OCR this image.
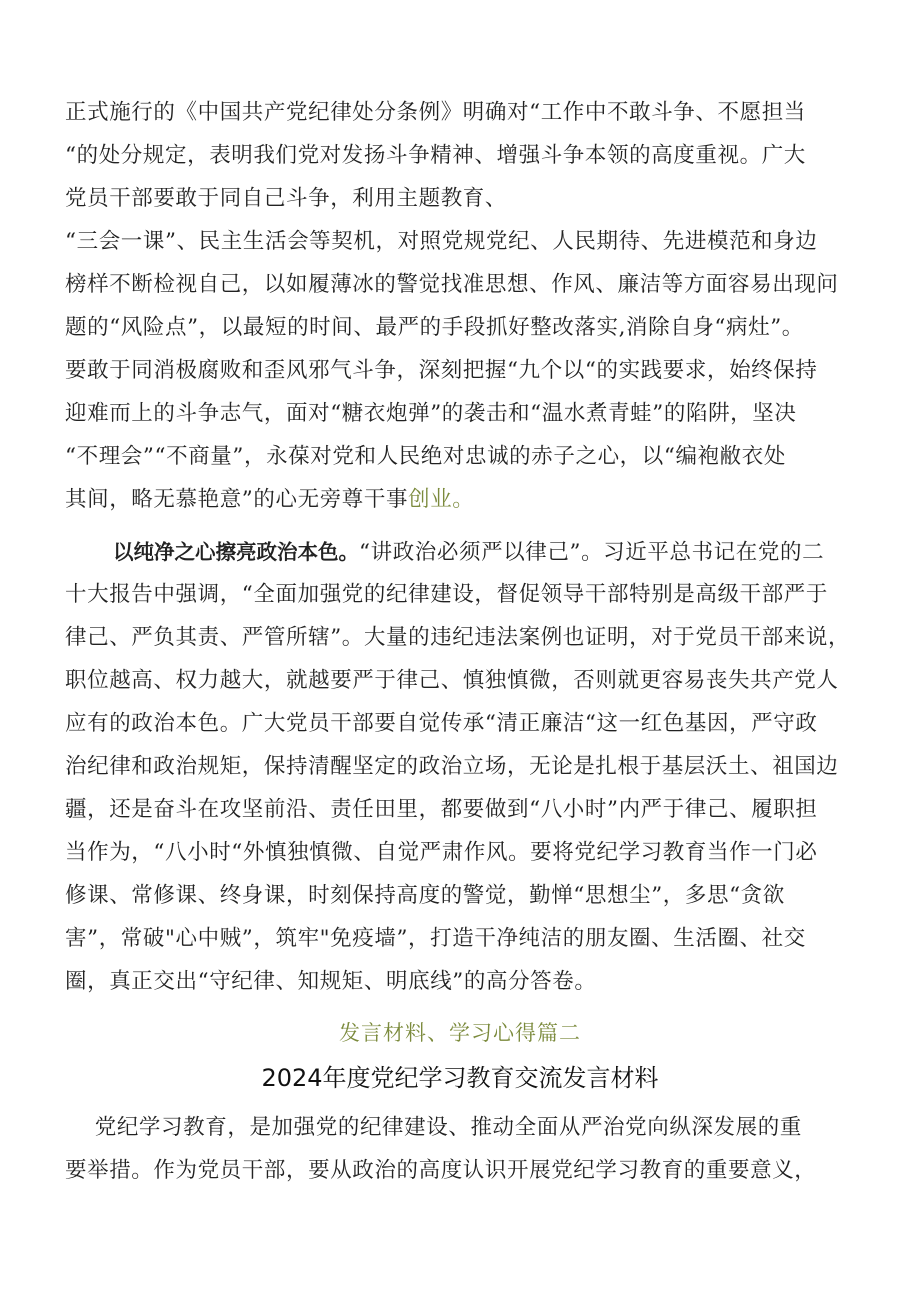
正式施行的《中国共产党纪律处分条例》明确对“工作中不敢斗争、不愿担当
“的处分规定，表明我们党对发扬斗争精神、增强斗争本领的高度重视。广大
党员干部要敢于同自己斗争，利用主题教育、
“三会一课”、民主生活会等契机，对照党规党纪、人民期待、先进模范和身边
榜样不断检视自己，以如履薄冰的警觉找准思想、作风、廉洁等方面容易出现问
题的“风险点”，以最短的时间、最严的手段抓好整改落实,消除自身“病灶”。
要敢于同消极腐败和歪风邪气斗争，深刻把握“九个以“的实践要求，始终保持
迎难而上的斗争志气，面对“糖衣炮弹”的袭击和“温水煮青蛙”的陷阱，坚决
“不理会”“不商量”，永葆对党和人民绝对忠诚的赤子之心，以“编袍敝衣处
其间，略无慕艳意”的心无旁尊干事创业。
以纯净之心擦亮政治本色。“讲政治必须严以律己”。习近平总书记在党的二
十大报告中强调，“全面加强党的纪律建设，督促领导干部特别是高级干部严于
律己、严负其责、严管所辖”。大量的违纪违法案例也证明，对于党员干部来说，
职位越高、权力越大，就越要严于律己、慎独慎微，否则就更容易丧失共产党人
应有的政治本色。广大党员干部要自觉传承“清正廉洁“这一红色基因，严守政
治纪律和政治规矩，保持清醒坚定的政治立场，无论是扎根于基层沃土、祖国边
疆，还是奋斗在攻坚前沿、责任田里，都要做到“八小时”内严于律己、履职担
当作为，“八小时“外慎独慎微、自觉严肃作风。要将党纪学习教育当作一门必
修课、常修课、终身课，时刻保持高度的警觉，勤惮“思想尘”，多思“贪欲
害”，常破"心中贼”，筑牢"免疫墙”，打造干净纯洁的朋友圈、生活圈、社交
圈，真正交出“守纪律、知规矩、明底线”的高分答卷。
发言材料、学习心得篇二
2024年度党纪学习教育交流发言材料
党纪学习教育，是加强党的纪律建设、推动全面从严治党向纵深发展的重
要举措。作为党员干部，要从政治的高度认识开展党纪学习教育的重要意义，
